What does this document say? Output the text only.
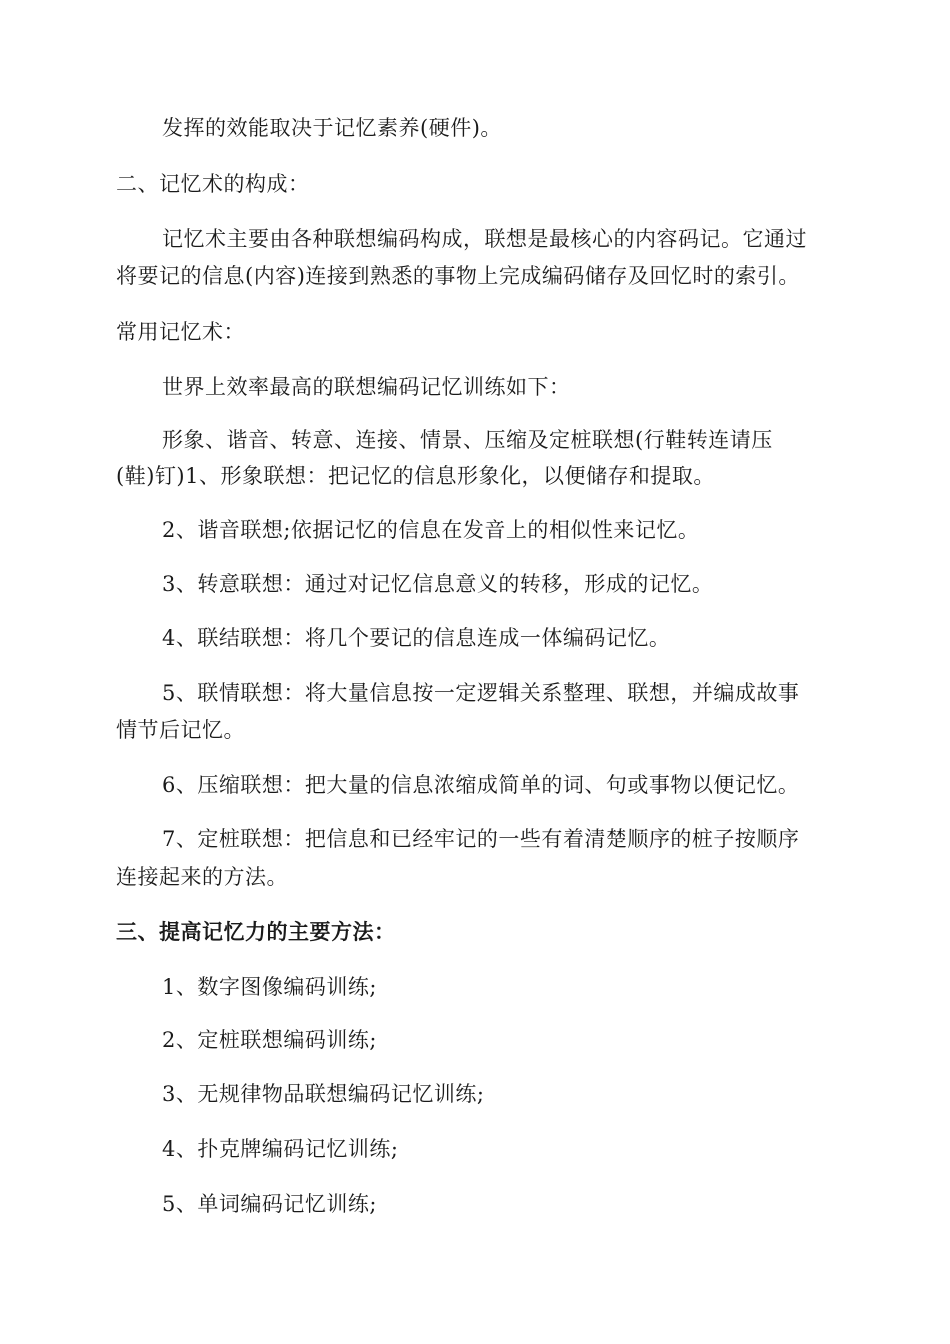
发挥的效能取决于记忆素养(硬件)。

二、记忆术的构成：

记忆术主要由各种联想编码构成，联想是最核心的内容码记。它通过

将要记的信息(内容)连接到熟悉的事物上完成编码储存及回忆时的索引。

常用记忆术：

世界上效率最高的联想编码记忆训练如下：

形象、谐音、转意、连接、情景、压缩及定桩联想(行鞋转连请压

(鞋)钉)1、形象联想：把记忆的信息形象化，以便储存和提取。

2、谐音联想;依据记忆的信息在发音上的相似性来记忆。

3、转意联想：通过对记忆信息意义的转移，形成的记忆。

4、联结联想：将几个要记的信息连成一体编码记忆。

5、联情联想：将大量信息按一定逻辑关系整理、联想，并编成故事

情节后记忆。

6、压缩联想：把大量的信息浓缩成简单的词、句或事物以便记忆。

7、定桩联想：把信息和已经牢记的一些有着清楚顺序的桩子按顺序

连接起来的方法。

三、提高记忆力的主要方法：

1、数字图像编码训练;

2、定桩联想编码训练;

3、无规律物品联想编码记忆训练;

4、扑克牌编码记忆训练;

5、单词编码记忆训练;
